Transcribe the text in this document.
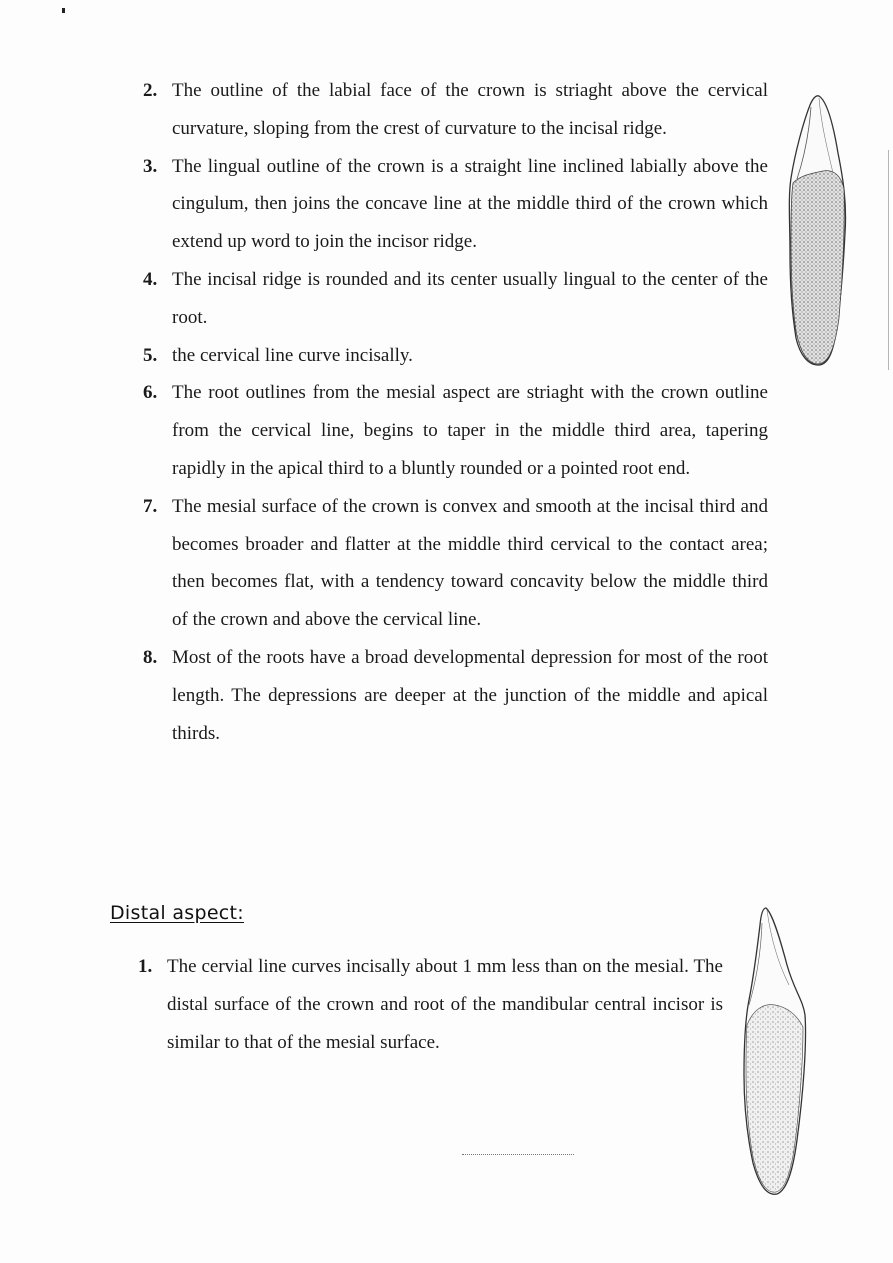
2. The outline of the labial face of the crown is striaght above the cervical curvature, sloping from the crest of curvature to the incisal ridge.
3. The lingual outline of the crown is a straight line inclined labially above the cingulum, then joins the concave line at the middle third of the crown which extend up word to join the incisor ridge.
4. The incisal ridge is rounded and its center usually lingual to the center of the root.
5. the cervical line curve incisally.
6. The root outlines from the mesial aspect are striaght with the crown outline from the cervical line, begins to taper in the middle third area, tapering rapidly in the apical third to a bluntly rounded or a pointed root end.
7. The mesial surface of the crown is convex and smooth at the incisal third and becomes broader and flatter at the middle third cervical to the contact area; then becomes flat, with a tendency toward concavity below the middle third of the crown and above the cervical line.
8. Most of the roots have a broad developmental depression for most of the root length. The depressions are deeper at the junction of the middle and apical thirds.
Distal aspect:
1. The cervial line curves incisally about 1 mm less than on the mesial. The distal surface of the crown and root of the mandibular central incisor is similar to that of the mesial surface.
